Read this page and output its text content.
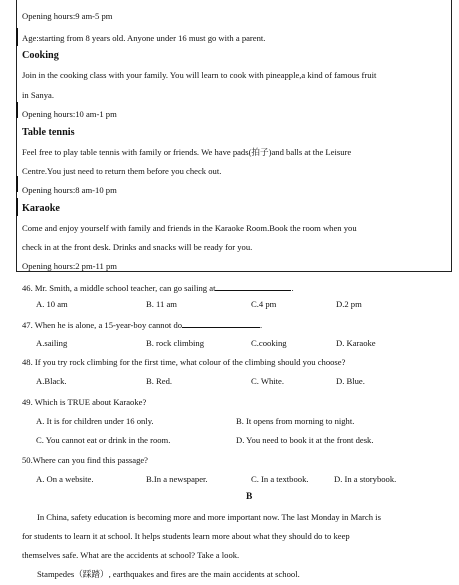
Opening hours:9 am-5 pm
Age:starting from 8 years old. Anyone under 16 must go with a parent.
Cooking
Join in the cooking class with your family. You will learn to cook with pineapple,a kind of famous fruit
in Sanya.
Opening hours:10 am-1 pm
Table tennis
Feel free to play table tennis with family or friends. We have pads(拍子)and balls at the Leisure
Centre.You just need to return them before you check out.
Opening hours:8 am-10 pm
Karaoke
Come and enjoy yourself with family and friends in the Karaoke Room.Book the room when you
check in at the front desk. Drinks and snacks will be ready for you.
Opening hours:2 pm-11 pm
46. Mr. Smith, a middle school teacher, can go sailing at	.
A. 10 am	B. 11 am	C.4 pm	D.2 pm
47. When he is alone, a 15-year-boy cannot do	.
A.sailing	B. rock climbing	C.cooking	D. Karaoke
48. If you try rock climbing for the first time, what colour of the climbing should you choose?
A.Black.	B. Red.	C. White.	D. Blue.
49. Which is TRUE about Karaoke?
A. It is for children under 16 only.	B. It opens from morning to night.
C. You cannot eat or drink in the room.	D. You need to book it at the front desk.
50.Where can you find this passage?
A. On a website.	B.In a newspaper.	C. In a textbook.	D. In a storybook.
B
In China, safety education is becoming more and more important now. The last Monday in March is
for students to learn it at school. It helps students learn more about what they should do to keep
themselves safe. What are the accidents at school? Take a look.
Stampedes（踩踏）, earthquakes and fires are the main accidents at school.
